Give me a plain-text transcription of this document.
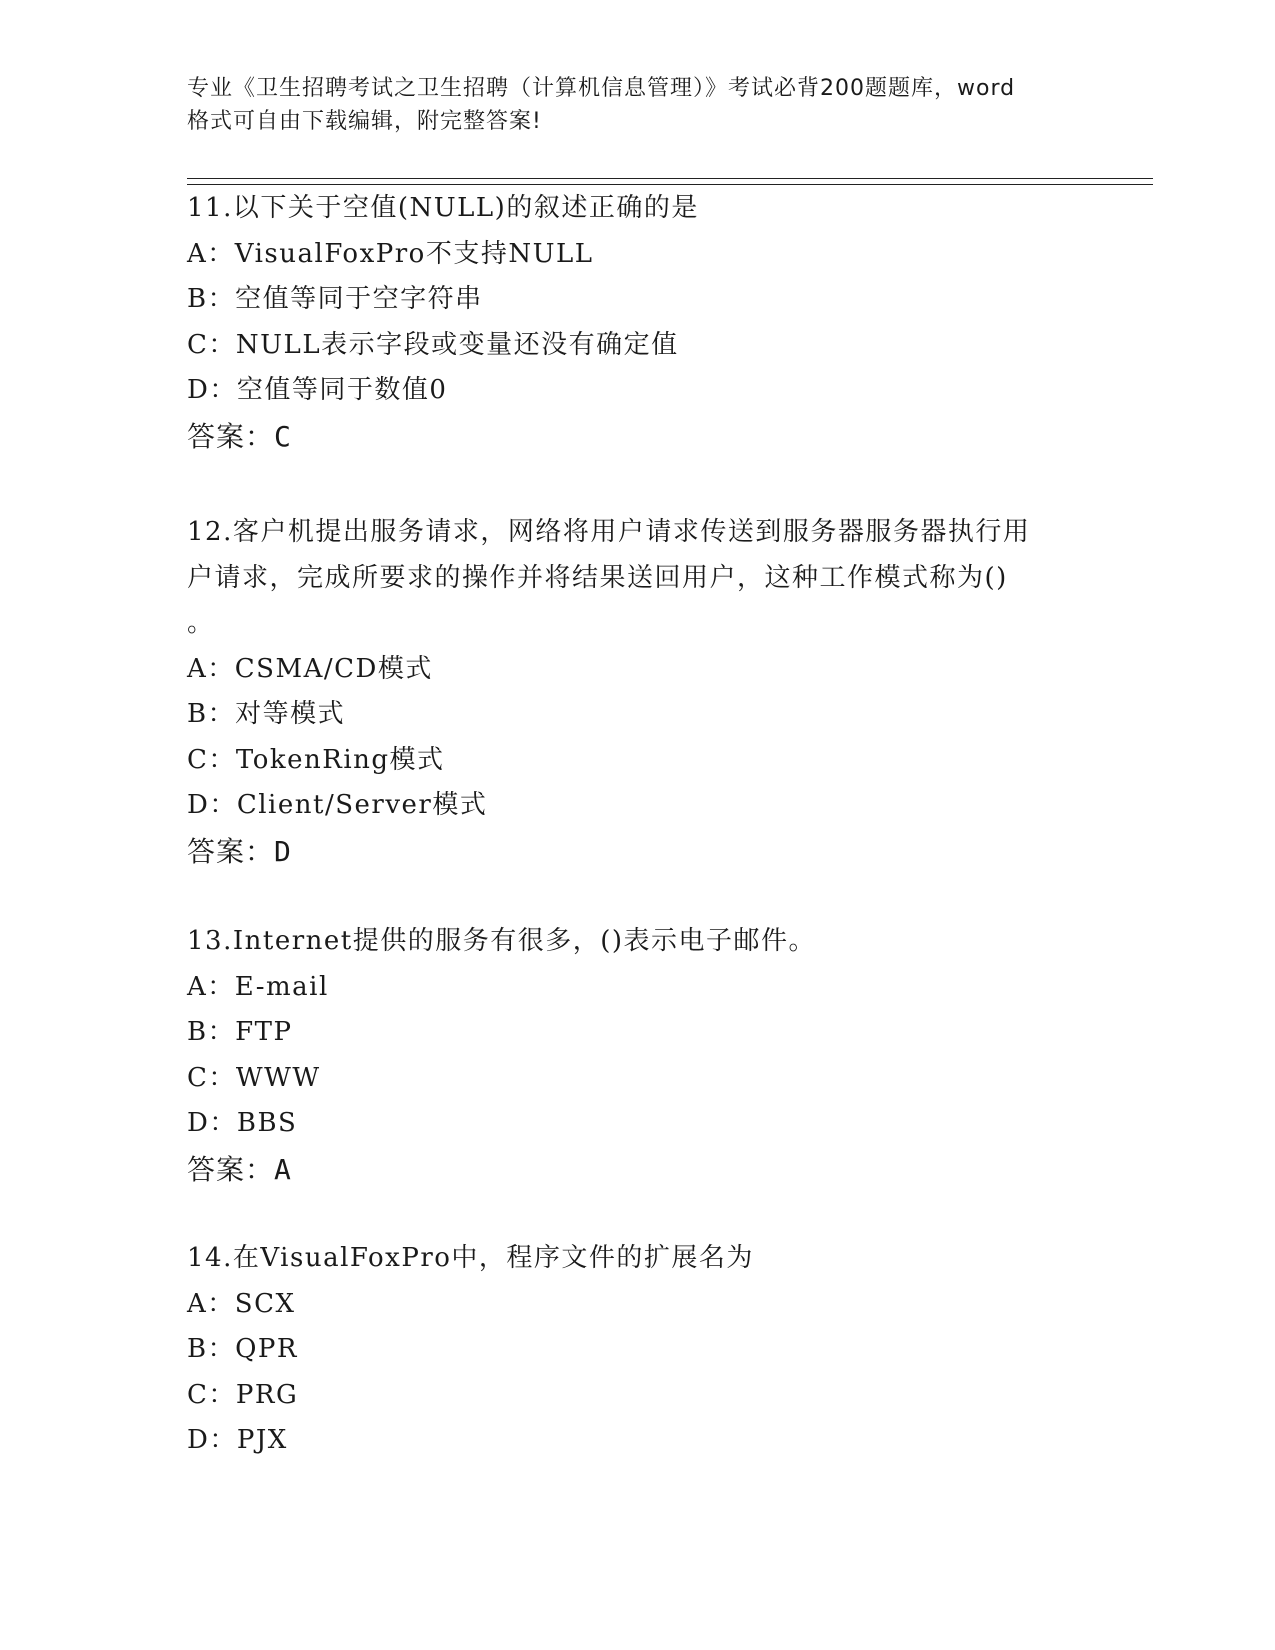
专业《卫生招聘考试之卫生招聘（计算机信息管理）》考试必背200题题库，word
格式可自由下载编辑，附完整答案!
11.以下关于空值(NULL)的叙述正确的是
A：VisualFoxPro不支持NULL
B：空值等同于空字符串
C：NULL表示字段或变量还没有确定值
D：空值等同于数值0
答案：C
12.客户机提出服务请求，网络将用户请求传送到服务器服务器执行用
户请求，完成所要求的操作并将结果送回用户，这种工作模式称为()
。
A：CSMA/CD模式
B：对等模式
C：TokenRing模式
D：Client/Server模式
答案：D
13.Internet提供的服务有很多，()表示电子邮件。
A：E-mail
B：FTP
C：WWW
D：BBS
答案：A
14.在VisualFoxPro中，程序文件的扩展名为
A：SCX
B：QPR
C：PRG
D：PJX
